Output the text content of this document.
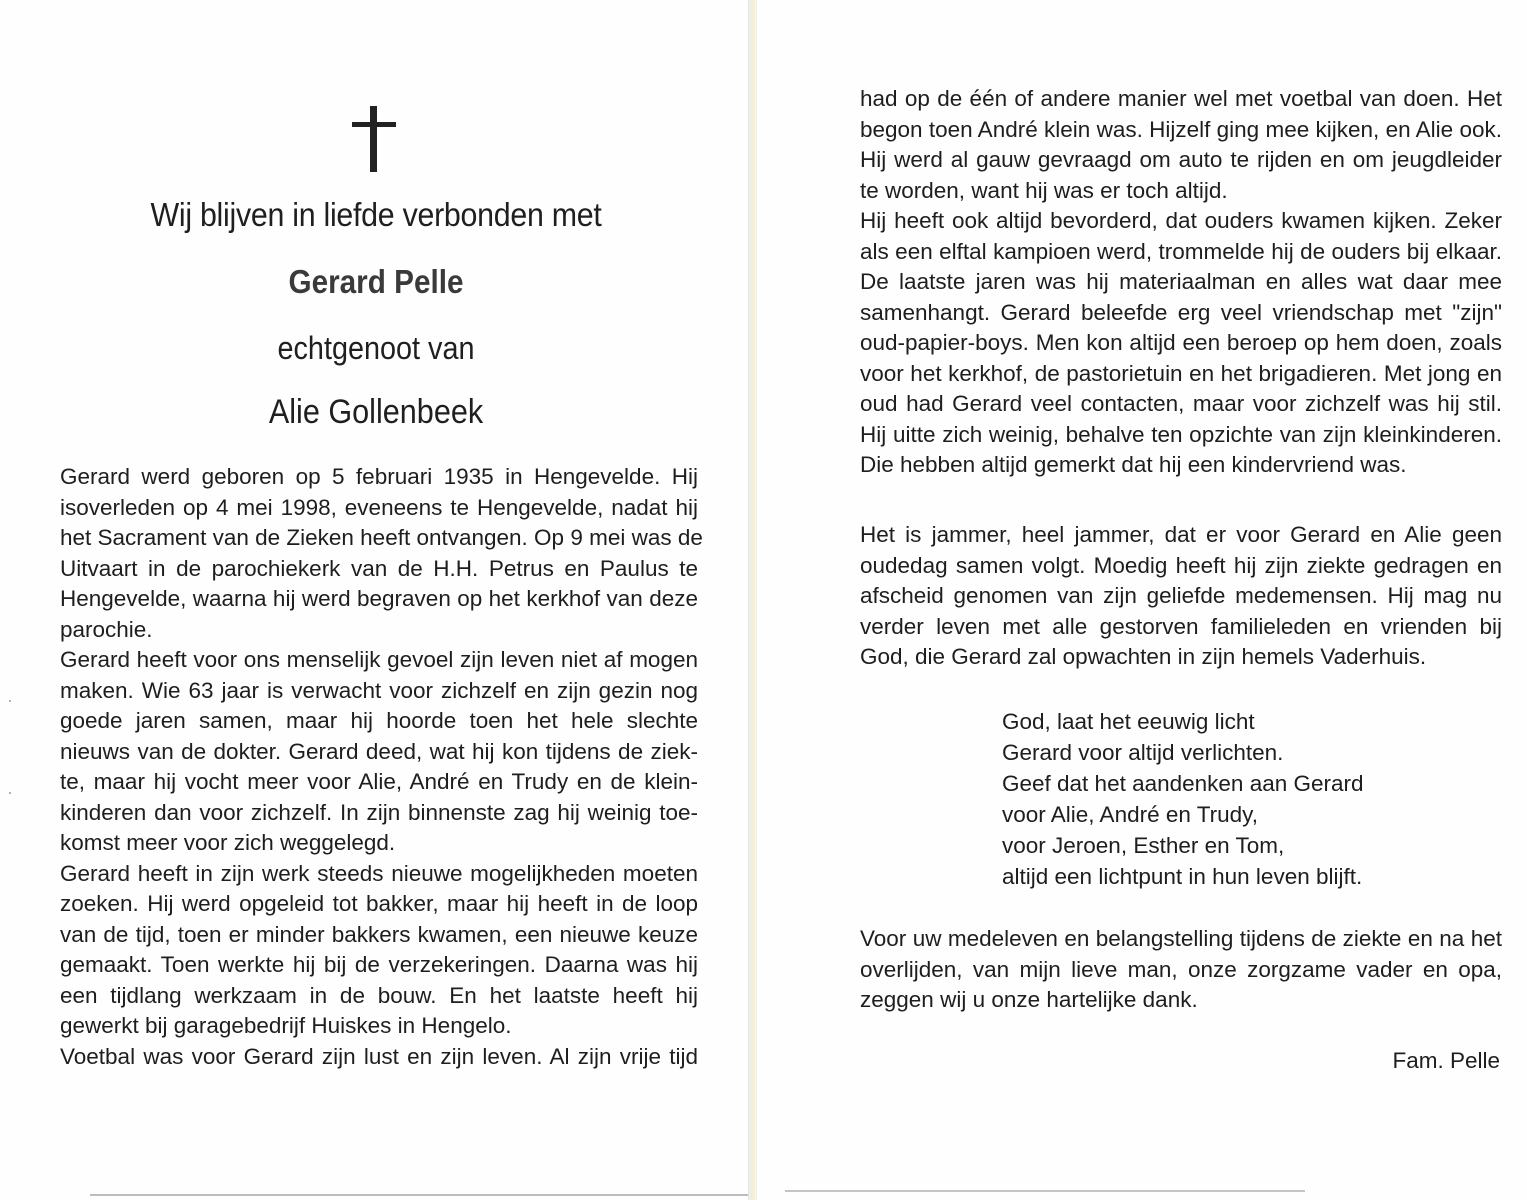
Wij blijven in liefde verbonden met
Gerard Pelle
echtgenoot van
Alie Gollenbeek
Gerard werd geboren op 5 februari 1935 in Hengevelde. Hij
isoverleden op 4 mei 1998, eveneens te Hengevelde, nadat hij
het Sacrament van de Zieken heeft ontvangen. Op 9 mei was de
Uitvaart in de parochiekerk van de H.H. Petrus en Paulus te
Hengevelde, waarna hij werd begraven op het kerkhof van deze
parochie.
Gerard heeft voor ons menselijk gevoel zijn leven niet af mogen
maken. Wie 63 jaar is verwacht voor zichzelf en zijn gezin nog
goede jaren samen, maar hij hoorde toen het hele slechte
nieuws van de dokter. Gerard deed, wat hij kon tijdens de ziek-
te, maar hij vocht meer voor Alie, André en Trudy en de klein-
kinderen dan voor zichzelf. In zijn binnenste zag hij weinig toe-
komst meer voor zich weggelegd.
Gerard heeft in zijn werk steeds nieuwe mogelijkheden moeten
zoeken. Hij werd opgeleid tot bakker, maar hij heeft in de loop
van de tijd, toen er minder bakkers kwamen, een nieuwe keuze
gemaakt. Toen werkte hij bij de verzekeringen. Daarna was hij
een tijdlang werkzaam in de bouw. En het laatste heeft hij
gewerkt bij garagebedrijf Huiskes in Hengelo.
Voetbal was voor Gerard zijn lust en zijn leven. Al zijn vrije tijd
had op de één of andere manier wel met voetbal van doen. Het
begon toen André klein was. Hijzelf ging mee kijken, en Alie ook.
Hij werd al gauw gevraagd om auto te rijden en om jeugdleider
te worden, want hij was er toch altijd.
Hij heeft ook altijd bevorderd, dat ouders kwamen kijken. Zeker
als een elftal kampioen werd, trommelde hij de ouders bij elkaar.
De laatste jaren was hij materiaalman en alles wat daar mee
samenhangt. Gerard beleefde erg veel vriendschap met "zijn"
oud-papier-boys. Men kon altijd een beroep op hem doen, zoals
voor het kerkhof, de pastorietuin en het brigadieren. Met jong en
oud had Gerard veel contacten, maar voor zichzelf was hij stil.
Hij uitte zich weinig, behalve ten opzichte van zijn kleinkinderen.
Die hebben altijd gemerkt dat hij een kindervriend was.
Het is jammer, heel jammer, dat er voor Gerard en Alie geen
oudedag samen volgt. Moedig heeft hij zijn ziekte gedragen en
afscheid genomen van zijn geliefde medemensen. Hij mag nu
verder leven met alle gestorven familieleden en vrienden bij
God, die Gerard zal opwachten in zijn hemels Vaderhuis.
God, laat het eeuwig licht
Gerard voor altijd verlichten.
Geef dat het aandenken aan Gerard
voor Alie, André en Trudy,
voor Jeroen, Esther en Tom,
altijd een lichtpunt in hun leven blijft.
Voor uw medeleven en belangstelling tijdens de ziekte en na het
overlijden, van mijn lieve man, onze zorgzame vader en opa,
zeggen wij u onze hartelijke dank.
Fam. Pelle
